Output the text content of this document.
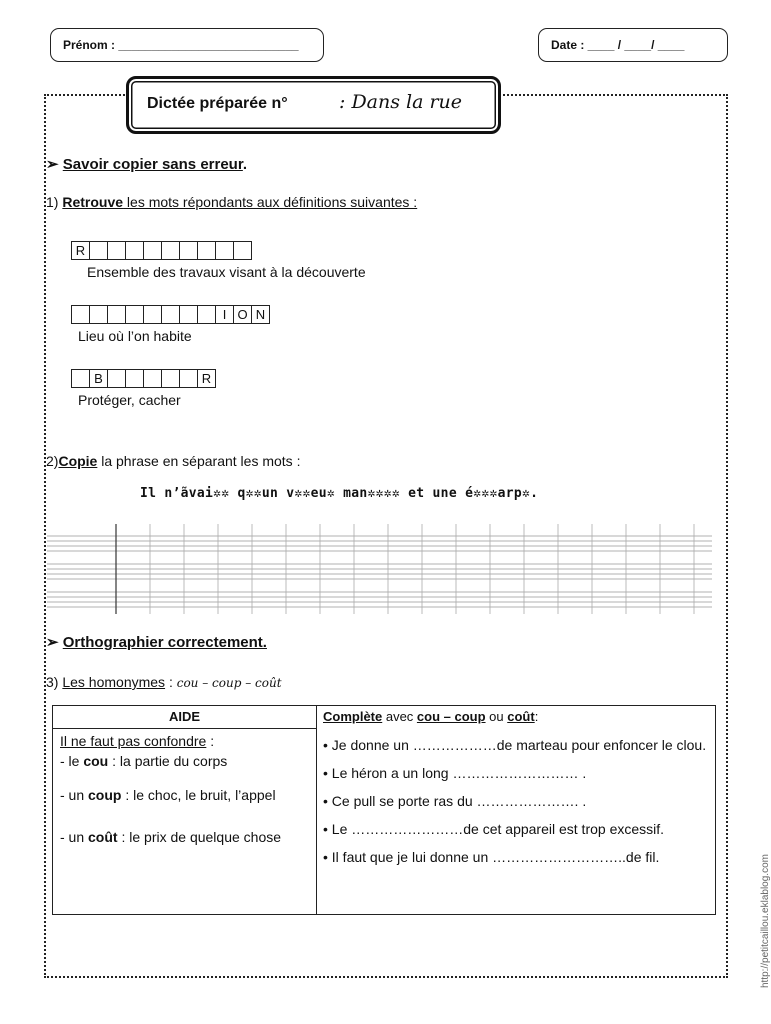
Prénom : ___________________________	Date : ____ / ____/ ____
Dictée préparée n°	: Dans la rue
➢ Savoir copier sans erreur.
1) Retrouve les mots répondants aux définitions suivantes :
R
Ensemble des travaux visant à la découverte
I O N
Lieu où l’on habite
B	R
Protéger, cacher
2)Copie la phrase en séparant les mots :
Il n’̃avai✲✲ q✲✲un v✲✲eu✲ man✲✲✲✲ et une é✲✲✲arp✲.
➢ Orthographier correctement.
3) Les homonymes : cou – coup – coût
AIDE
Il ne faut pas confondre :
- le cou : la partie du corps
- un coup : le choc, le bruit, l’appel
- un coût : le prix de quelque chose
Complète avec cou – coup ou coût:
• Je donne un ………………de marteau pour enfoncer le clou.
• Le héron a un long ……………………… .
• Ce pull se porte ras du …………………. .
• Le ……………………de cet appareil est trop excessif.
• Il faut que je lui donne un ………………………..de fil.	http://petitcaillou.eklablog.com
